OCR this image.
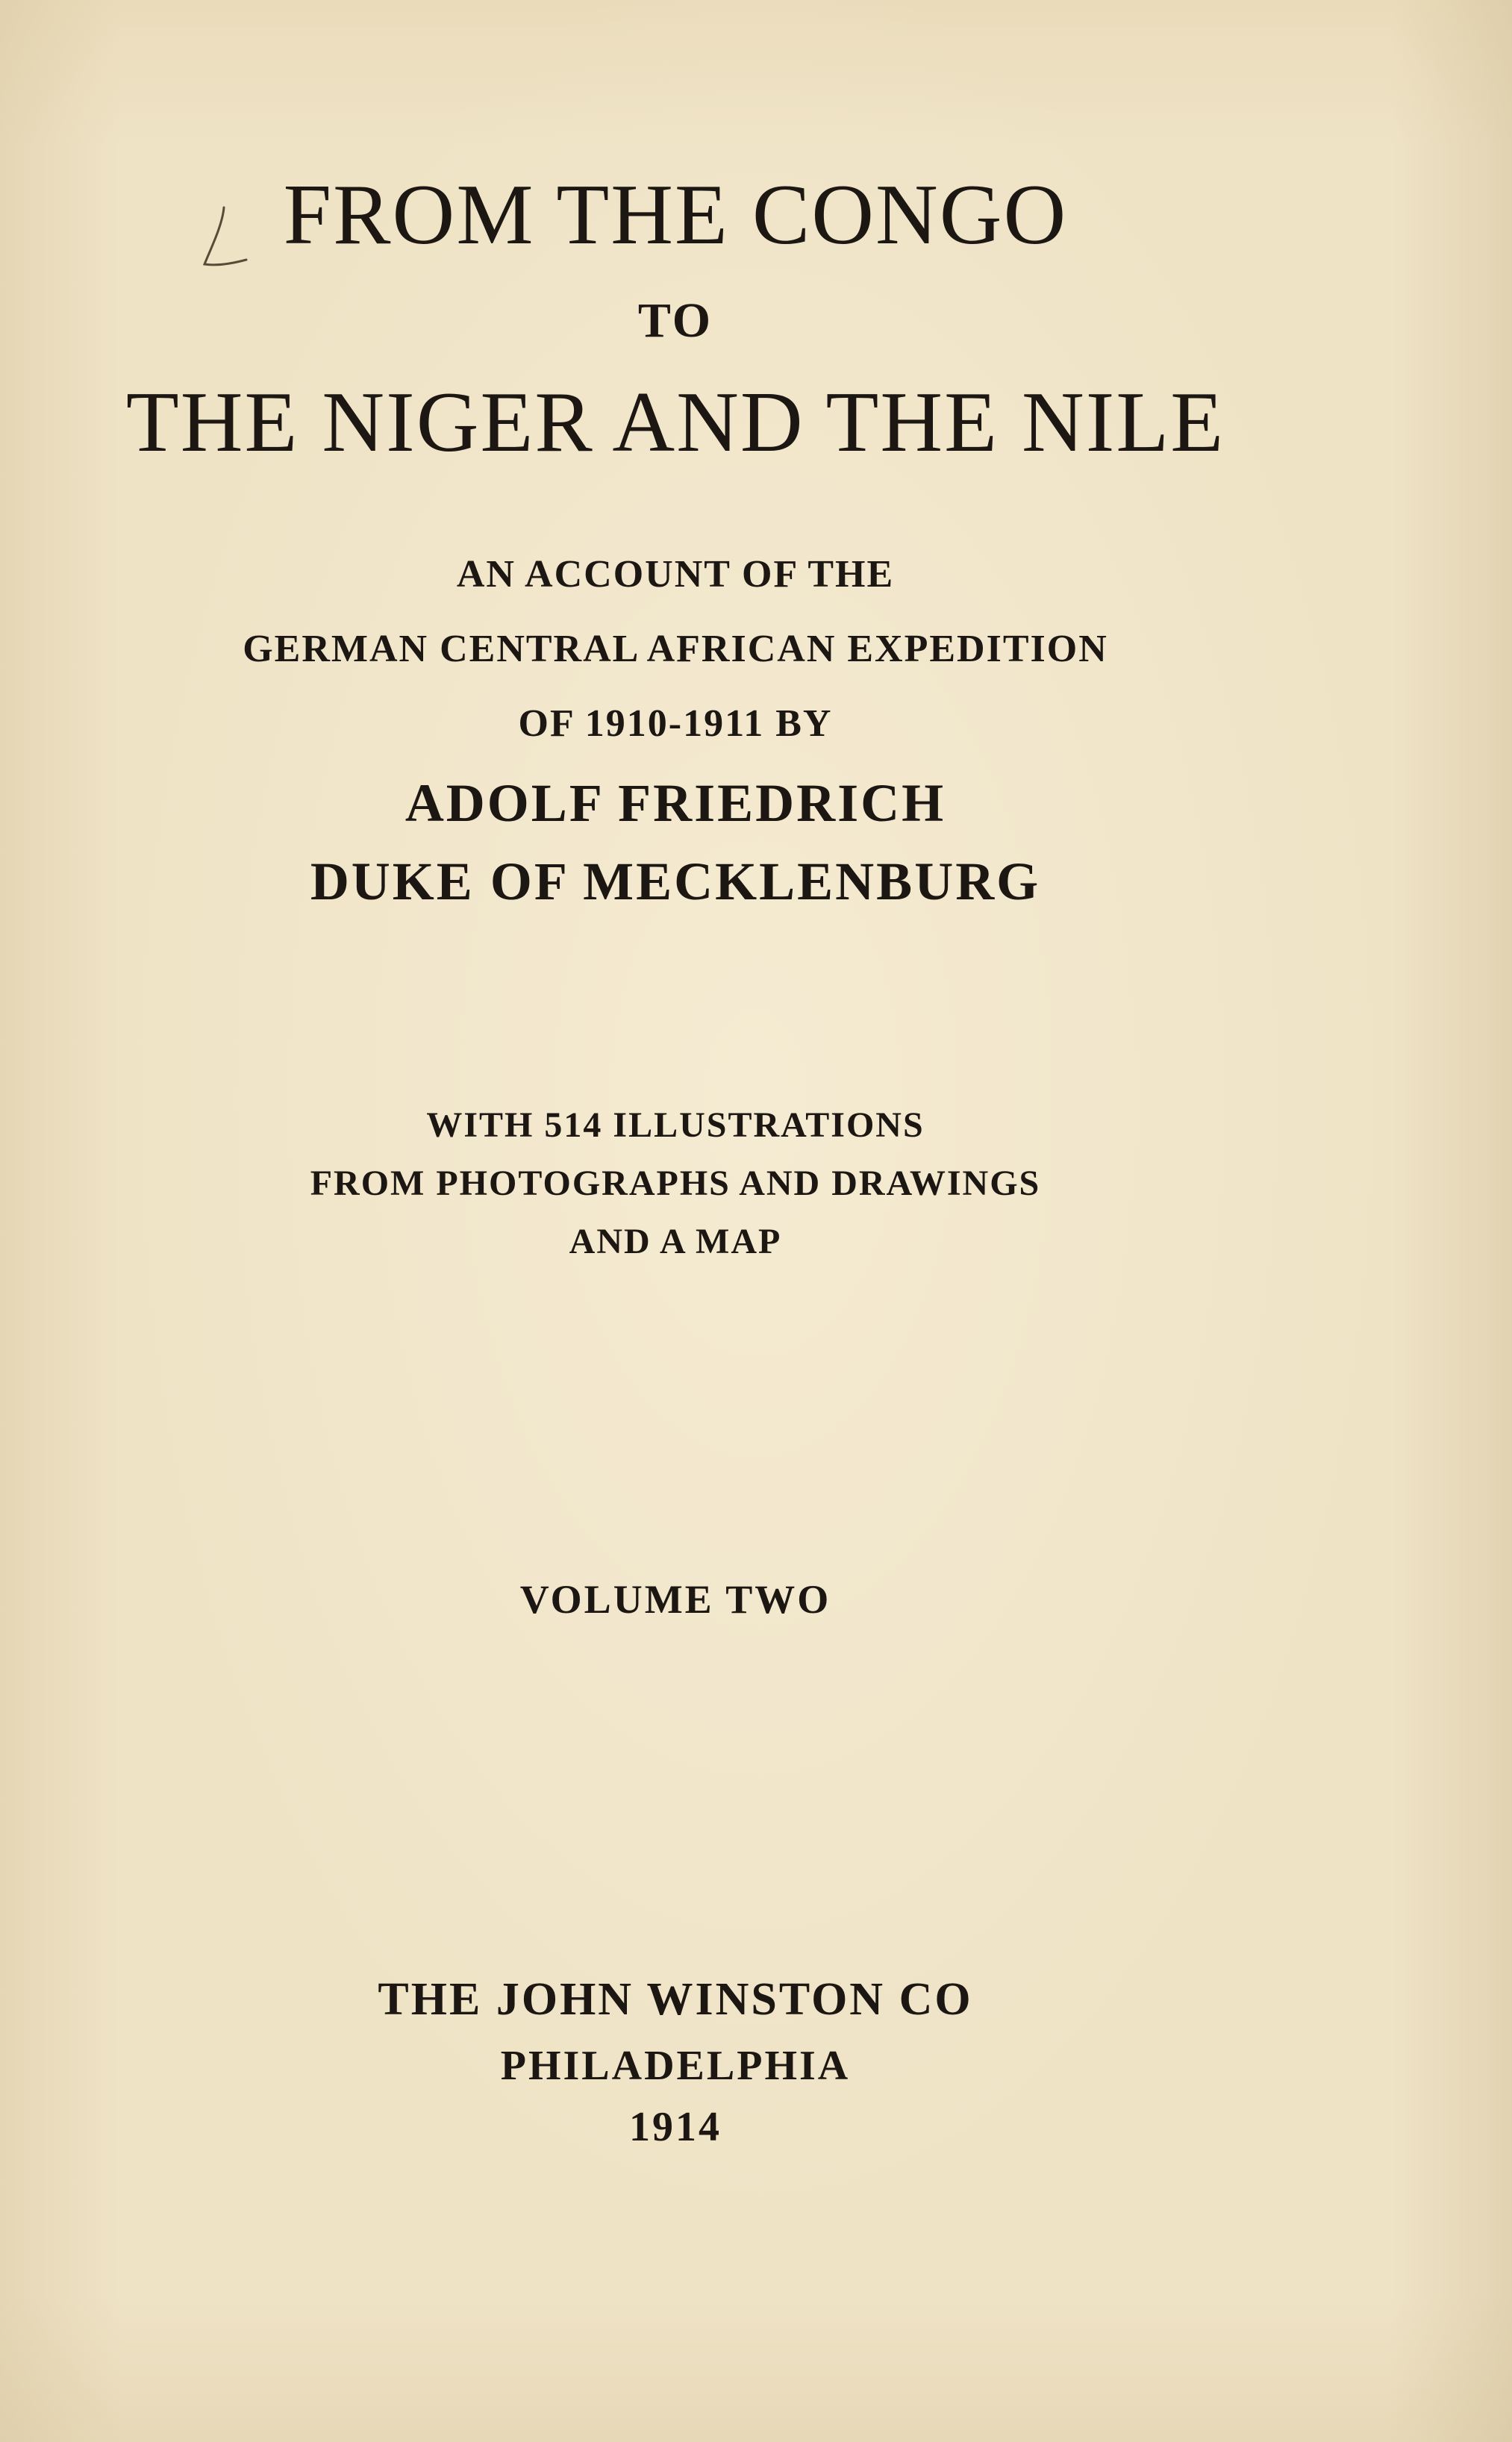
FROM THE CONGO
TO
THE NIGER AND THE NILE
AN ACCOUNT OF THE
GERMAN CENTRAL AFRICAN EXPEDITION
OF 1910-1911 BY
ADOLF FRIEDRICH
DUKE OF MECKLENBURG
WITH 514 ILLUSTRATIONS
FROM PHOTOGRAPHS AND DRAWINGS
AND A MAP
VOLUME TWO
THE JOHN WINSTON CO
PHILADELPHIA
1914
